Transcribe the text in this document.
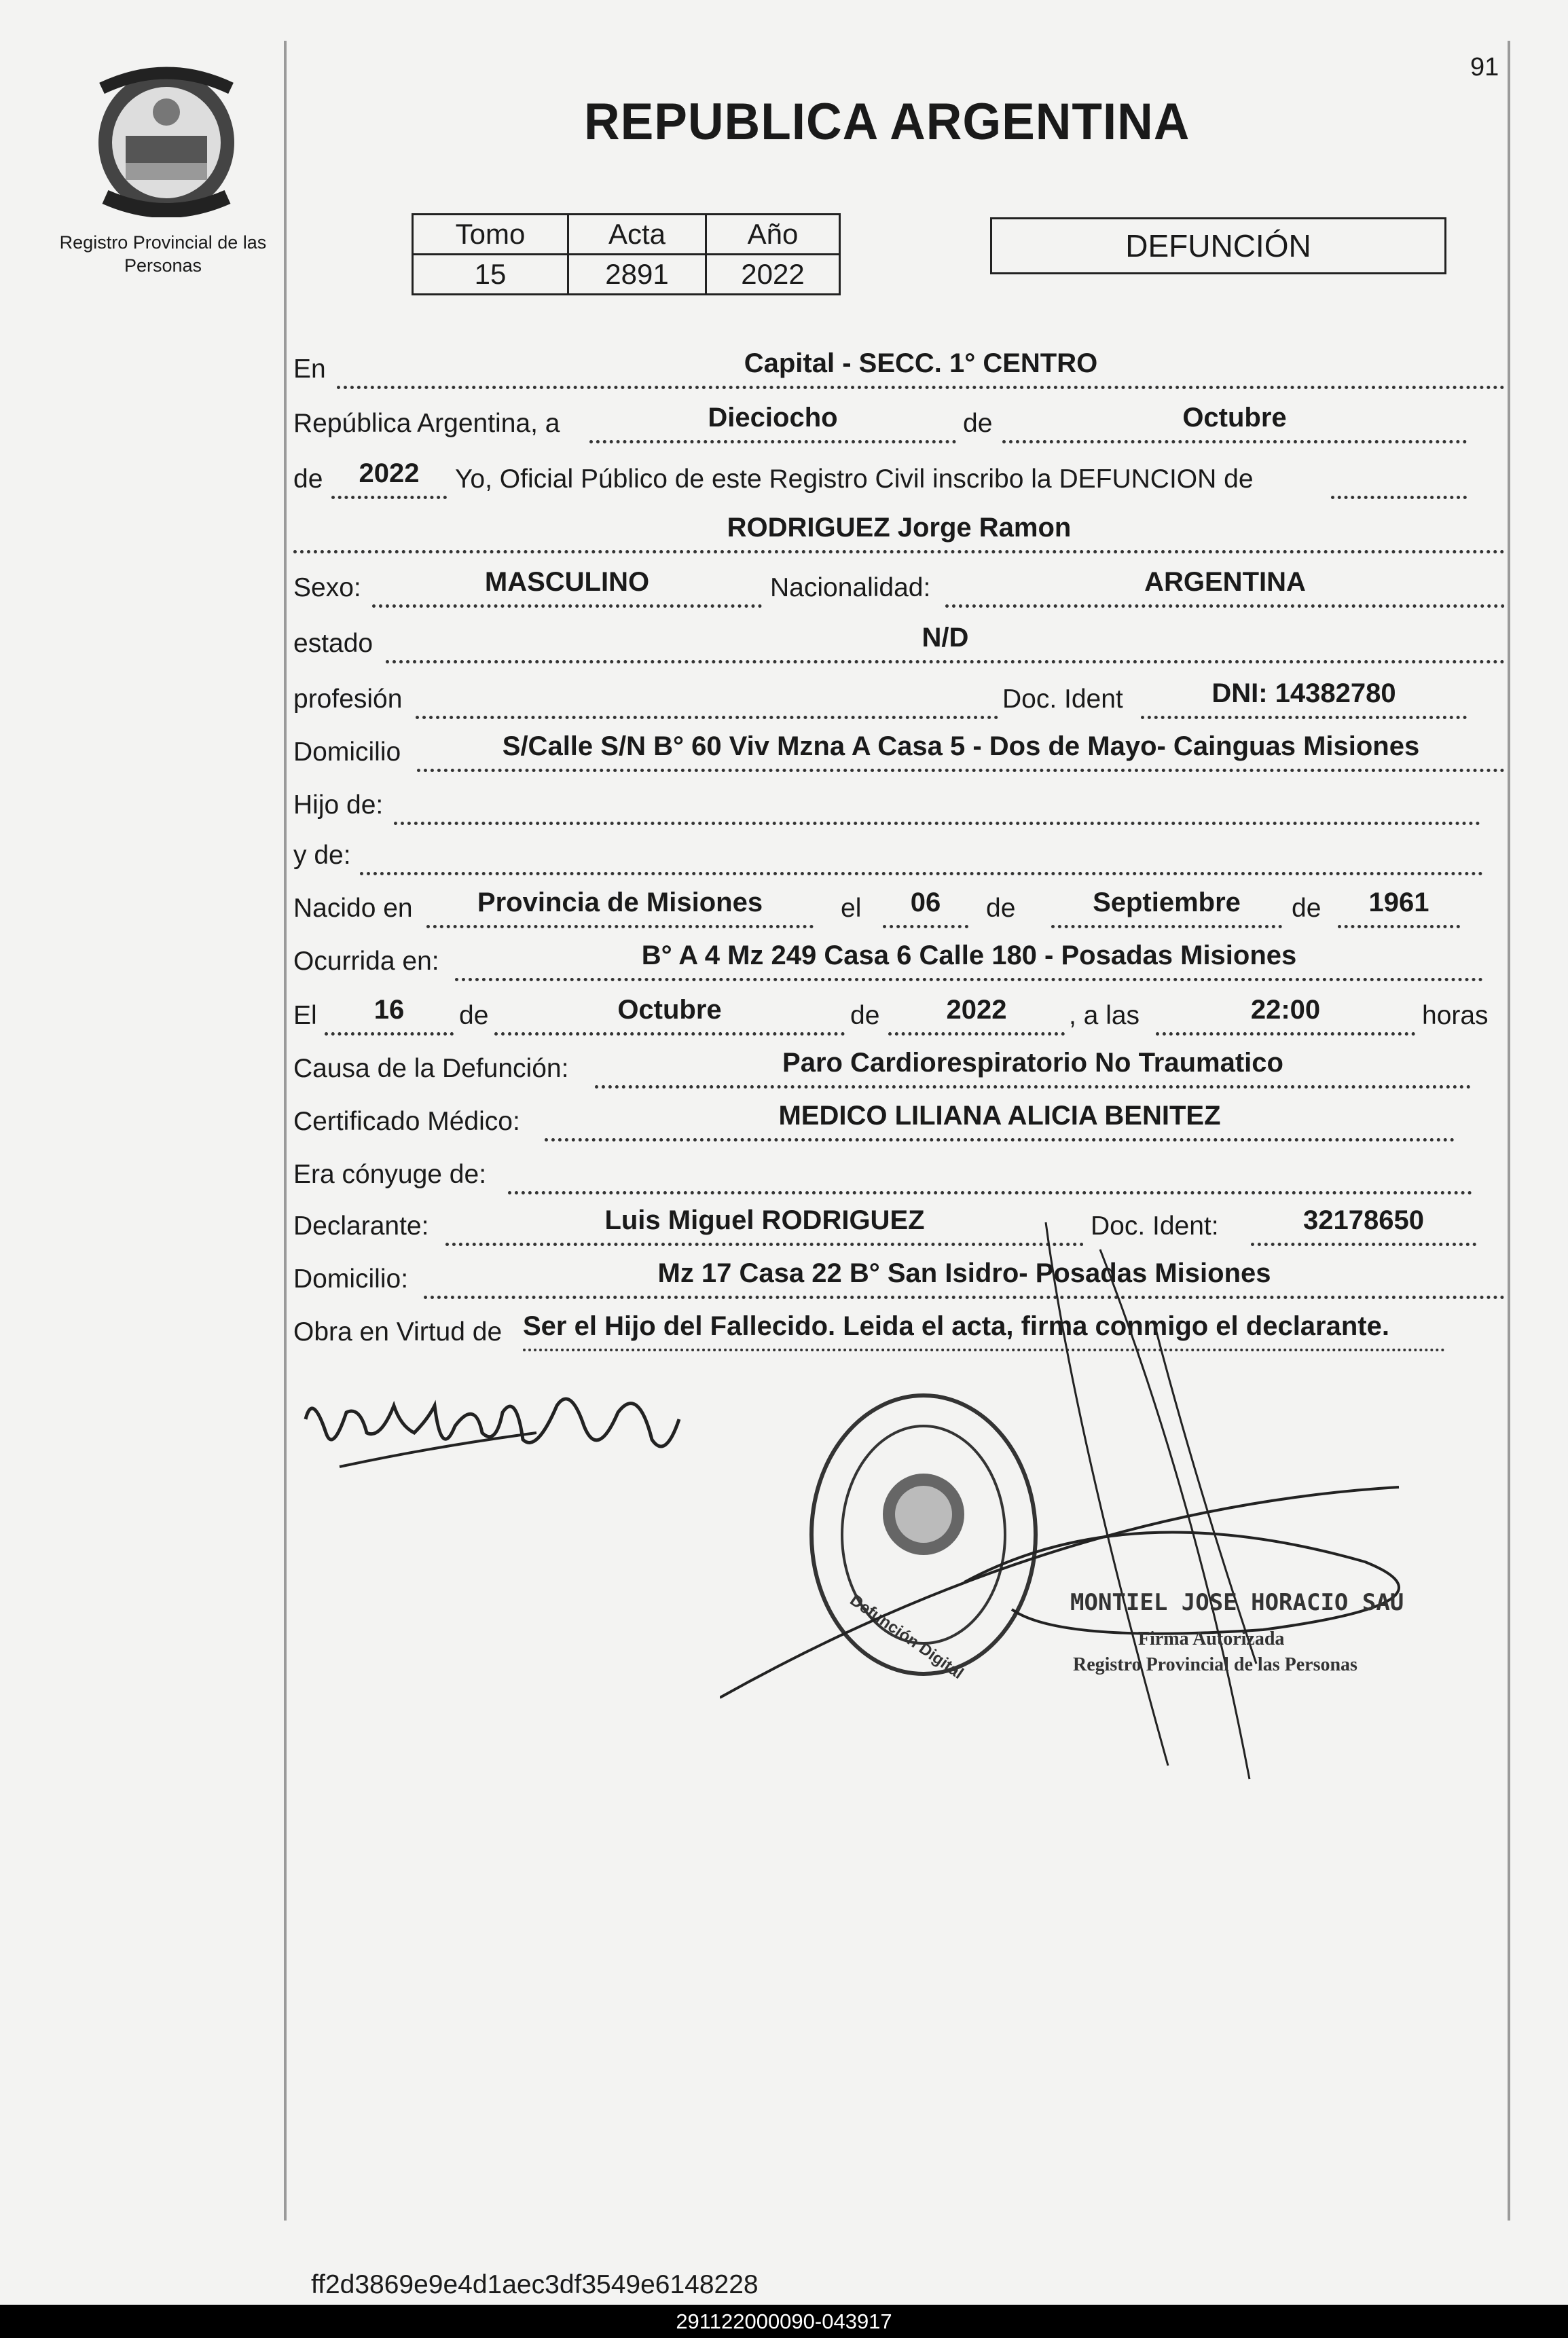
91
Registro Provincial de las Personas
REPUBLICA ARGENTINA
Tomo	Acta	Año
15	2891	2022
DEFUNCIÓN
En	Capital - SECC. 1° CENTRO
República Argentina, a	Dieciocho	de	Octubre
de	2022	Yo, Oficial Público de este Registro Civil inscribo la DEFUNCION de
RODRIGUEZ Jorge Ramon
Sexo:	MASCULINO	Nacionalidad:	ARGENTINA
estado	N/D
profesión	Doc. Ident	DNI: 14382780
Domicilio	S/Calle S/N B° 60 Viv Mzna A Casa 5 - Dos de Mayo- Cainguas Misiones
Hijo de:
y de:
Nacido en	Provincia de Misiones	el	06	de	Septiembre	de	1961
Ocurrida en:	B° A 4 Mz 249 Casa 6 Calle 180 - Posadas Misiones
El	16	de	Octubre	de	2022	, a las	22:00	horas
Causa de la Defunción:	Paro Cardiorespiratorio No Traumatico
Certificado Médico:	MEDICO LILIANA ALICIA BENITEZ
Era cónyuge de:
Declarante:	Luis Miguel RODRIGUEZ	Doc. Ident:	32178650
Domicilio:	Mz 17 Casa 22 B° San Isidro- Posadas Misiones
Obra en Virtud de Ser el Hijo del Fallecido. Leida el acta, firma conmigo el declarante.
Defunción Digital	MONTIEL JOSE HORACIO SAU
Firma Autorizada
Registro Provincial de las Personas
ff2d3869e9e4d1aec3df3549e6148228
291122000090-043917
